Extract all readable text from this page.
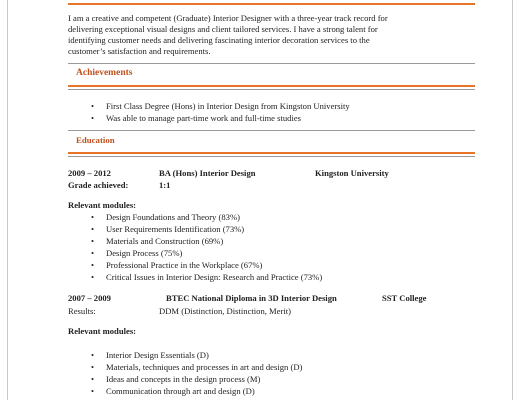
I am a creative and competent (Graduate) Interior Designer with a three-year track record for
delivering exceptional visual designs and client tailored services. I have a strong talent for
identifying customer needs and delivering fascinating interior decoration services to the
customer’s satisfaction and requirements.
Achievements
• First Class Degree (Hons) in Interior Design from Kingston University
• Was able to manage part-time work and full-time studies
Education
2009 – 2012	BA (Hons) Interior Design	Kingston University
Grade achieved:	1:1
Relevant modules:
• Design Foundations and Theory (83%)
• User Requirements Identification (73%)
• Materials and Construction (69%)
• Design Process (75%)
• Professional Practice in the Workplace (67%)
• Critical Issues in Interior Design: Research and Practice (73%)
2007 – 2009	BTEC National Diploma in 3D Interior Design	SST College
Results:	DDM (Distinction, Distinction, Merit)
Relevant modules:
• Interior Design Essentials (D)
• Materials, techniques and processes in art and design (D)
• Ideas and concepts in the design process (M)
• Communication through art and design (D)
